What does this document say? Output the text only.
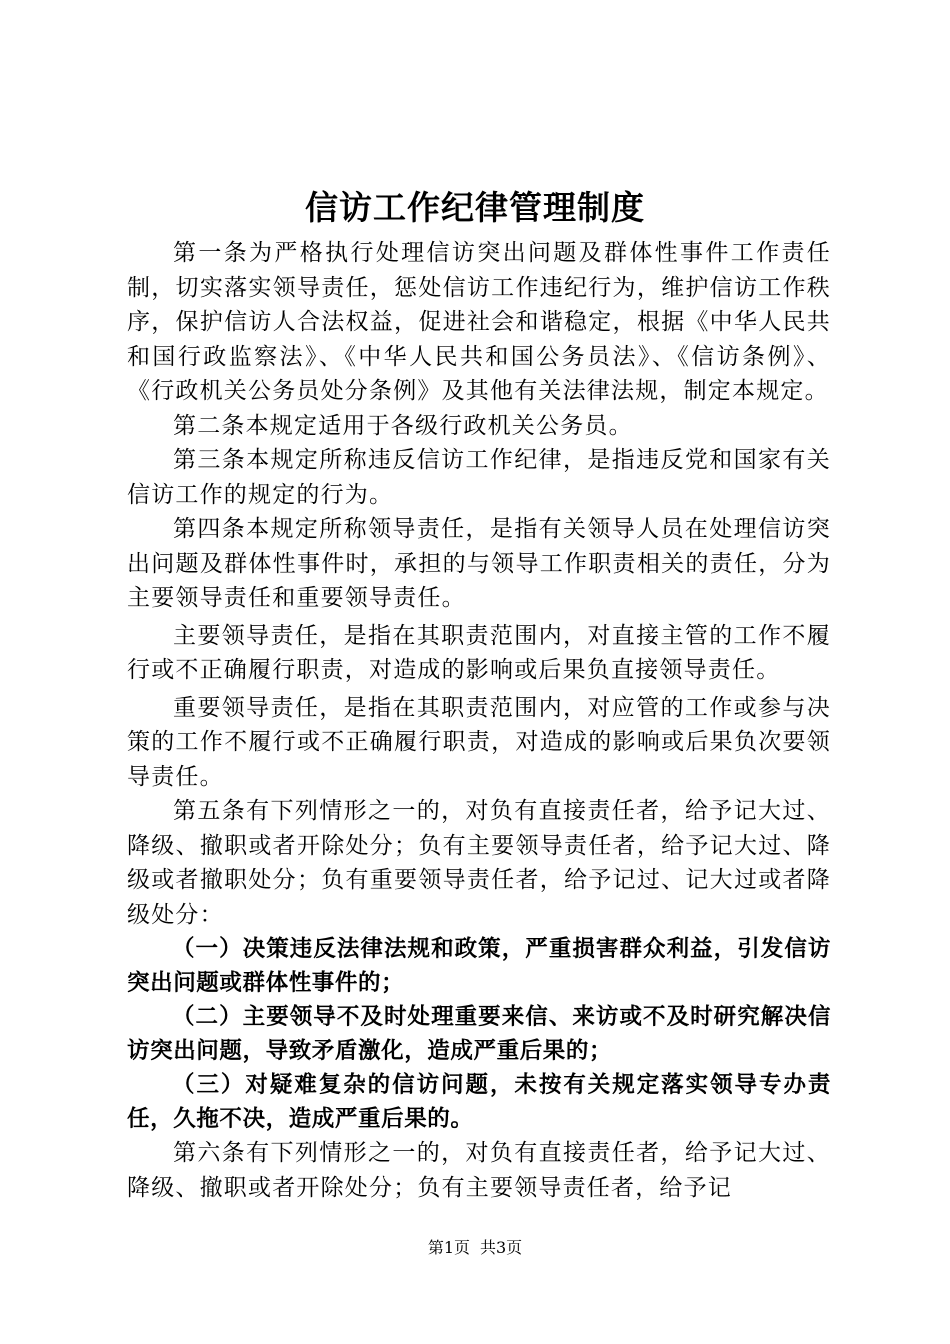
信访工作纪律管理制度

第一条为严格执行处理信访突出问题及群体性事件工作责任制，切实落实领导责任，惩处信访工作违纪行为，维护信访工作秩序，保护信访人合法权益，促进社会和谐稳定，根据《中华人民共和国行政监察法》、《中华人民共和国公务员法》、《信访条例》、《行政机关公务员处分条例》及其他有关法律法规，制定本规定。

第二条本规定适用于各级行政机关公务员。

第三条本规定所称违反信访工作纪律，是指违反党和国家有关信访工作的规定的行为。

第四条本规定所称领导责任，是指有关领导人员在处理信访突出问题及群体性事件时，承担的与领导工作职责相关的责任，分为主要领导责任和重要领导责任。

主要领导责任，是指在其职责范围内，对直接主管的工作不履行或不正确履行职责，对造成的影响或后果负直接领导责任。

重要领导责任，是指在其职责范围内，对应管的工作或参与决策的工作不履行或不正确履行职责，对造成的影响或后果负次要领导责任。

第五条有下列情形之一的，对负有直接责任者，给予记大过、降级、撤职或者开除处分；负有主要领导责任者，给予记大过、降级或者撤职处分；负有重要领导责任者，给予记过、记大过或者降级处分：

（一）决策违反法律法规和政策，严重损害群众利益，引发信访突出问题或群体性事件的；

（二）主要领导不及时处理重要来信、来访或不及时研究解决信访突出问题，导致矛盾激化，造成严重后果的；

（三）对疑难复杂的信访问题，未按有关规定落实领导专办责任，久拖不决，造成严重后果的。

第六条有下列情形之一的，对负有直接责任者，给予记大过、降级、撤职或者开除处分；负有主要领导责任者，给予记

第1页 共3页
